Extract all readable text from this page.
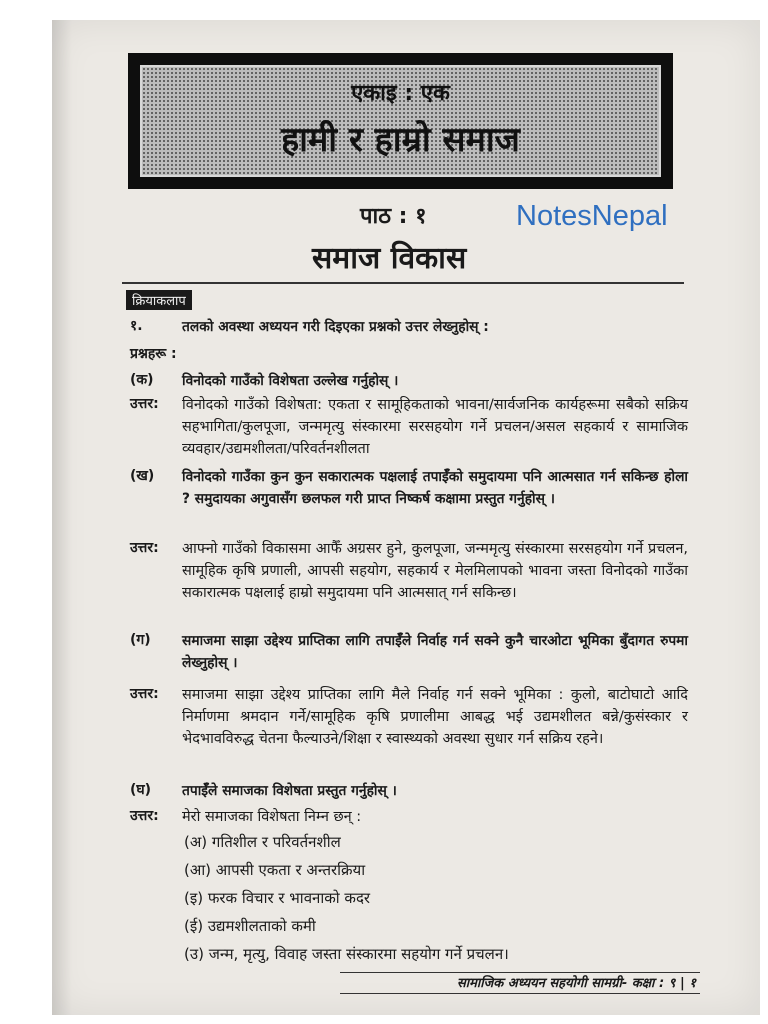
एकाइ : एक
हामी र हाम्रो समाज
पाठ : १	NotesNepal
समाज विकास
क्रियाकलाप
१.	तलको अवस्था अध्ययन गरी दिइएका प्रश्नको उत्तर लेख्नुहोस् :
प्रश्नहरू :
(क) विनोदको गाउँको विशेषता उल्लेख गर्नुहोस् ।
उत्तर: विनोदको गाउँको विशेषता: एकता र सामूहिकताको भावना/सार्वजनिक कार्यहरूमा सबैको सक्रिय सहभागिता/कुलपूजा, जन्ममृत्यु संस्कारमा सरसहयोग गर्ने प्रचलन/असल सहकार्य र सामाजिक व्यवहार/उद्यमशीलता/परिवर्तनशीलता
(ख) विनोदको गाउँका कुन कुन सकारात्मक पक्षलाई तपाईँको समुदायमा पनि आत्मसात गर्न सकिन्छ होला ? समुदायका अगुवासँग छलफल गरी प्राप्त निष्कर्ष कक्षामा प्रस्तुत गर्नुहोस् ।
उत्तर: आफ्नो गाउँको विकासमा आफैँ अग्रसर हुने, कुलपूजा, जन्ममृत्यु संस्कारमा सरसहयोग गर्ने प्रचलन, सामूहिक कृषि प्रणाली, आपसी सहयोग, सहकार्य र मेलमिलापको भावना जस्ता विनोदको गाउँका सकारात्मक पक्षलाई हाम्रो समुदायमा पनि आत्मसात् गर्न सकिन्छ।
(ग) समाजमा साझा उद्देश्य प्राप्तिका लागि तपाईँले निर्वाह गर्न सक्ने कुनै चारओटा भूमिका बुँदागत रुपमा लेख्नुहोस् ।
उत्तर: समाजमा साझा उद्देश्य प्राप्तिका लागि मैले निर्वाह गर्न सक्ने भूमिका : कुलो, बाटोघाटो आदि निर्माणमा श्रमदान गर्ने/सामूहिक कृषि प्रणालीमा आबद्ध भई उद्यमशीलत बन्ने/कुसंस्कार र भेदभावविरुद्ध चेतना फैल्याउने/शिक्षा र स्वास्थ्यको अवस्था सुधार गर्न सक्रिय रहने।
(घ) तपाईँले समाजका विशेषता प्रस्तुत गर्नुहोस् ।
उत्तर: मेरो समाजका विशेषता निम्न छन् :
(अ) गतिशील र परिवर्तनशील
(आ) आपसी एकता र अन्तरक्रिया
(इ) फरक विचार र भावनाको कदर
(ई) उद्यमशीलताको कमी
(उ) जन्म, मृत्यु, विवाह जस्ता संस्कारमा सहयोग गर्ने प्रचलन।
सामाजिक अध्ययन सहयोगी सामग्री- कक्षा : ९ | १
